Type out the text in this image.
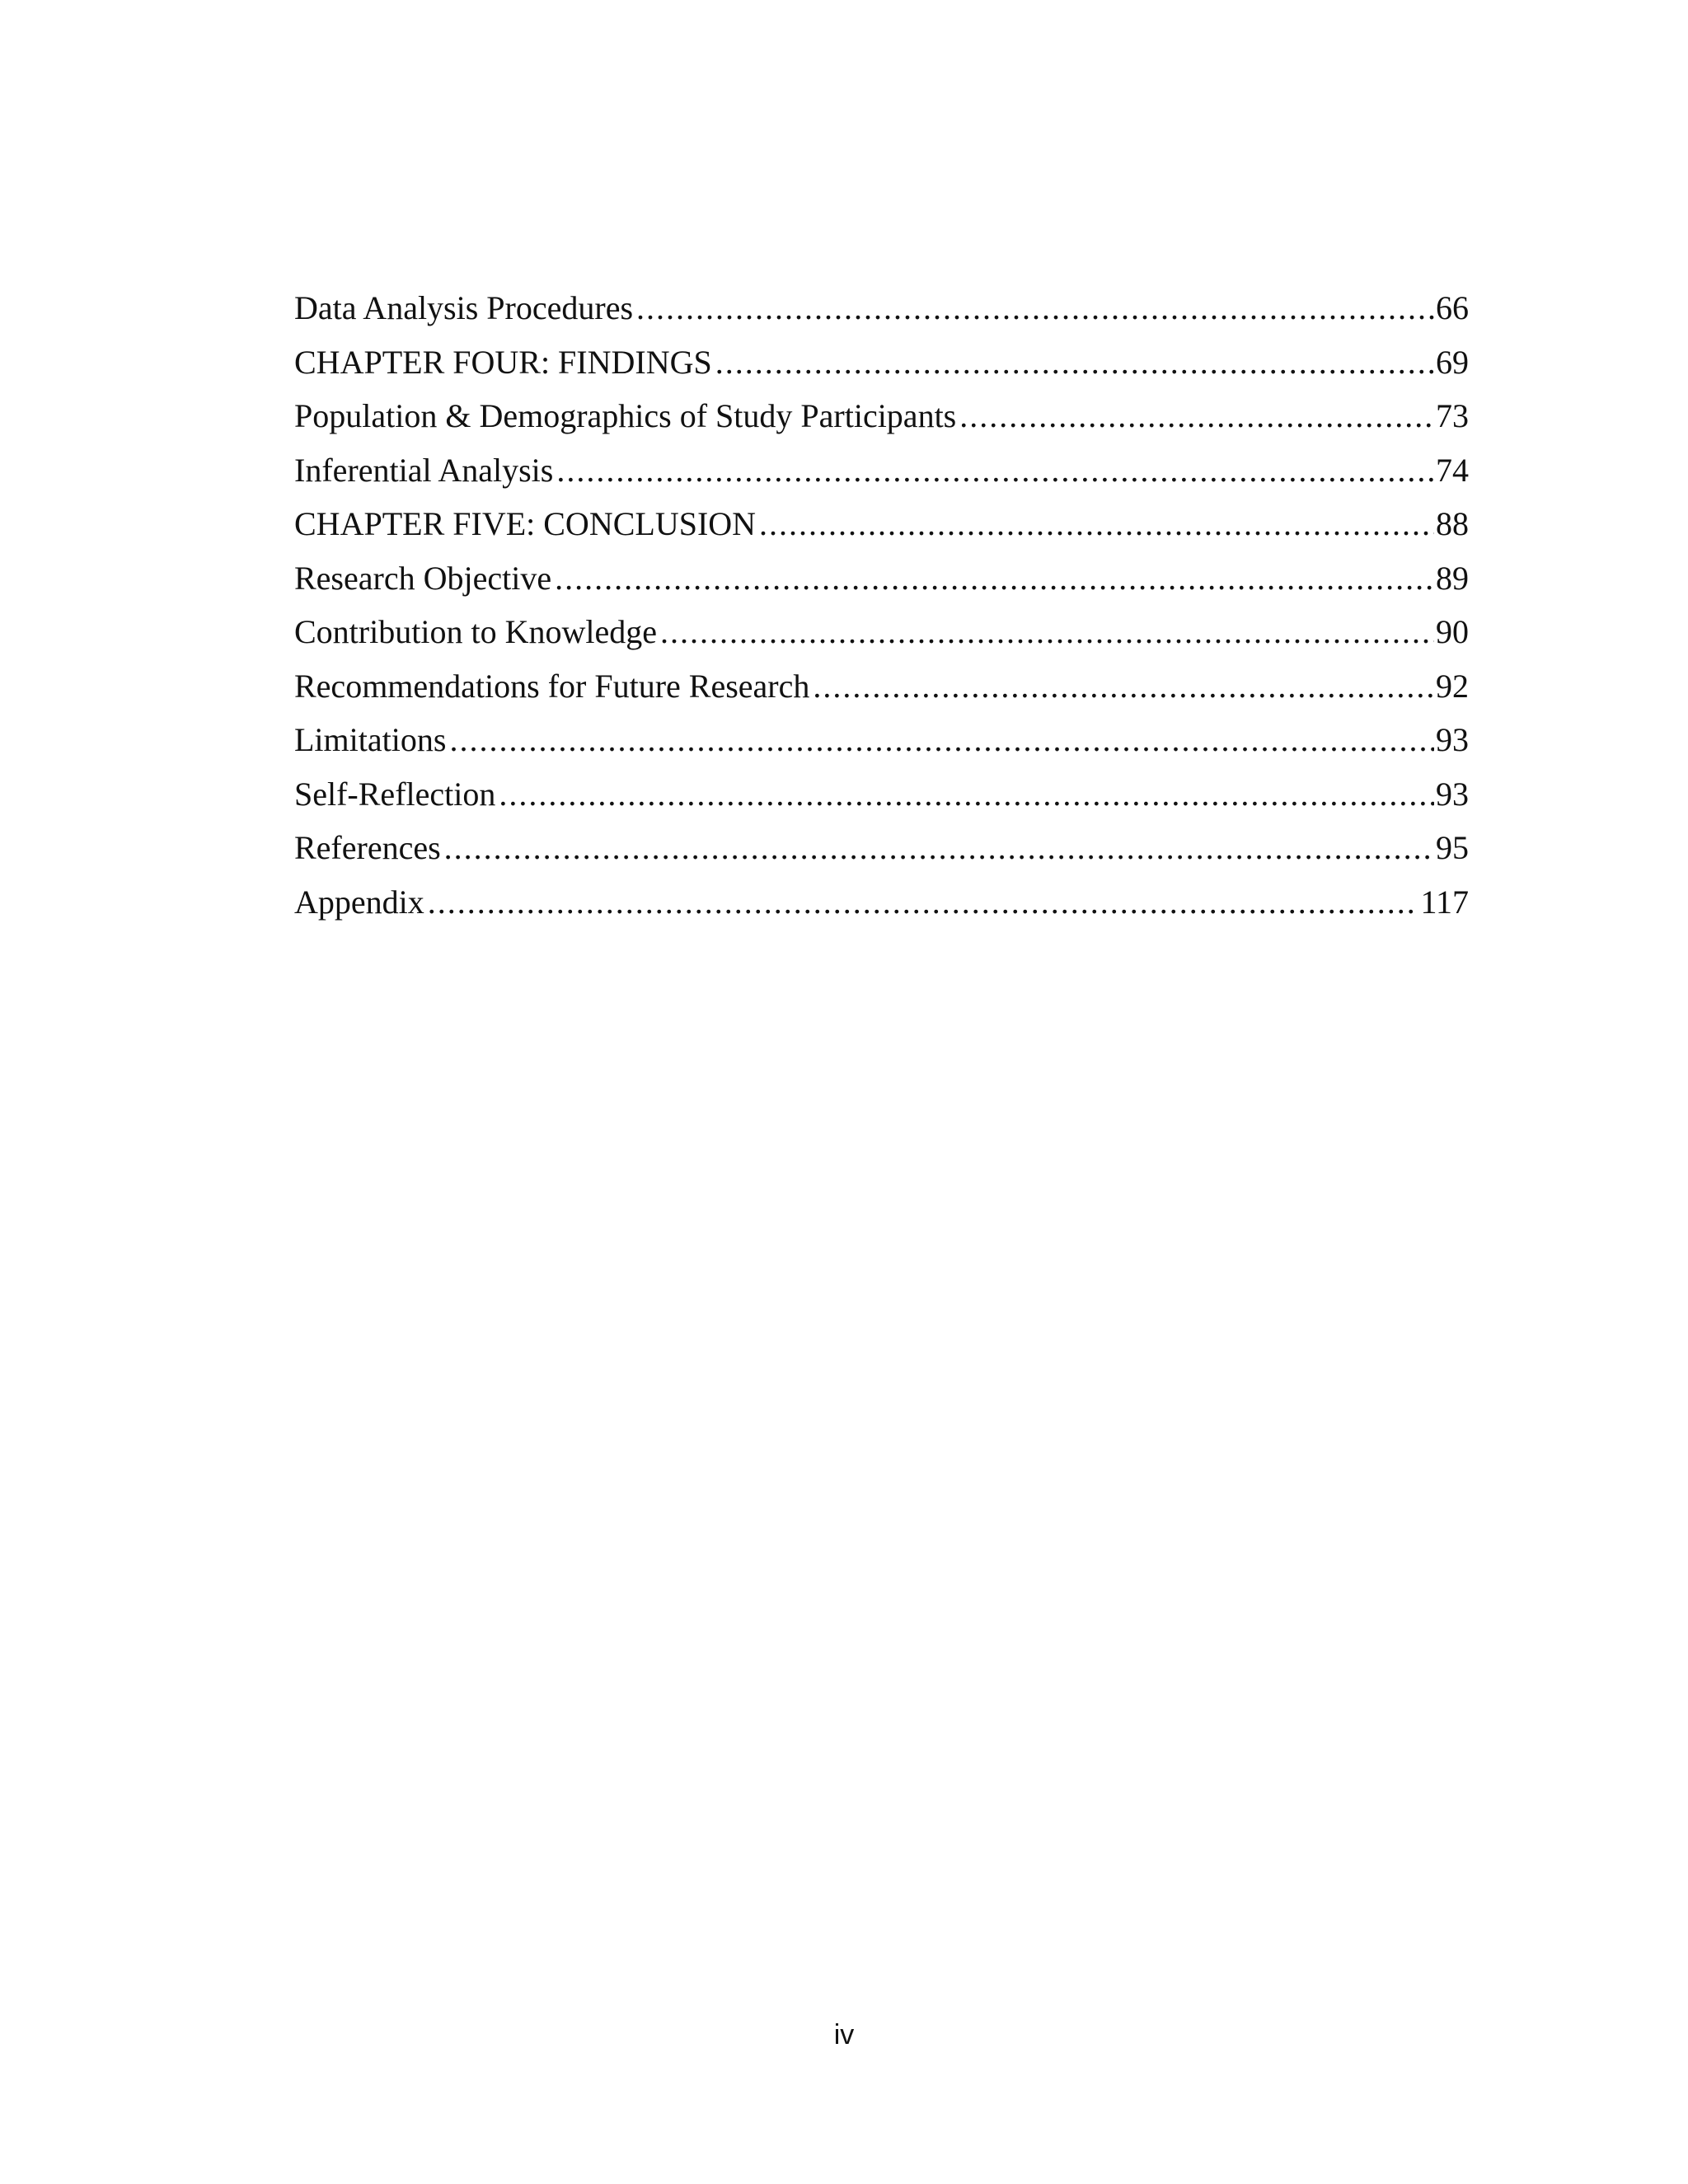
Data Analysis Procedures .....	66
CHAPTER FOUR: FINDINGS .....	69
Population & Demographics of Study Participants .....	73
Inferential Analysis .....	74
CHAPTER FIVE: CONCLUSION .....	88
Research Objective .....	89
Contribution to Knowledge .....	90
Recommendations for Future Research .....	92
Limitations .....	93
Self-Reflection .....	93
References .....	95
Appendix .....	117
iv
